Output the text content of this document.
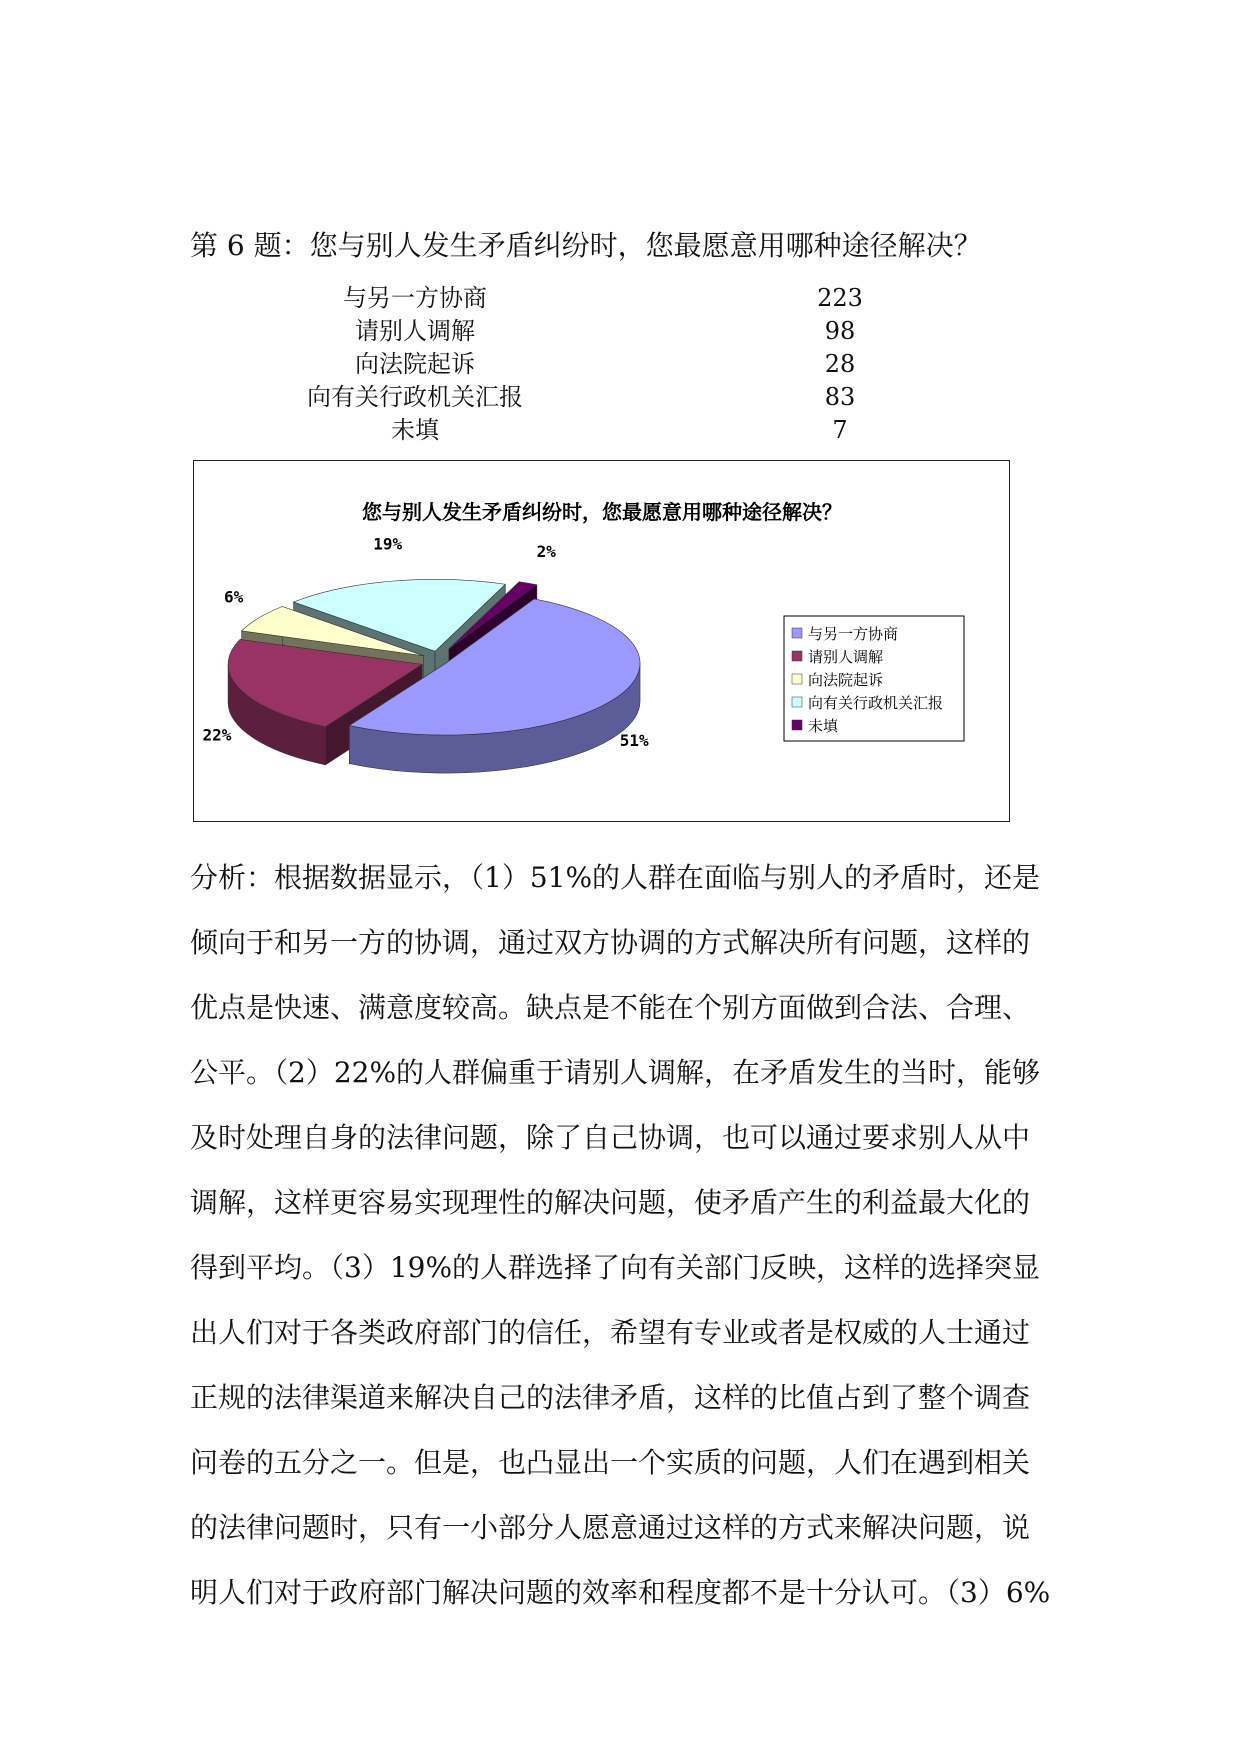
第 6 题：您与别人发生矛盾纠纷时，您最愿意用哪种途径解决？
与另一方协商	223
请别人调解	98
向法院起诉	28
向有关行政机关汇报	83
未填	7
您与别人发生矛盾纠纷时，您最愿意用哪种途径解决？
51%
22%
6%
19%	2%
与另一方协商
请别人调解
向法院起诉
向有关行政机关汇报
未填
分析：根据数据显示，（1）51%的人群在面临与别人的矛盾时，还是
倾向于和另一方的协调，通过双方协调的方式解决所有问题，这样的
优点是快速、满意度较高。缺点是不能在个别方面做到合法、合理、
公平。（2）22%的人群偏重于请别人调解，在矛盾发生的当时，能够
及时处理自身的法律问题，除了自己协调，也可以通过要求别人从中
调解，这样更容易实现理性的解决问题，使矛盾产生的利益最大化的
得到平均。（3）19%的人群选择了向有关部门反映，这样的选择突显
出人们对于各类政府部门的信任，希望有专业或者是权威的人士通过
正规的法律渠道来解决自己的法律矛盾，这样的比值占到了整个调查
问卷的五分之一。但是，也凸显出一个实质的问题，人们在遇到相关
的法律问题时，只有一小部分人愿意通过这样的方式来解决问题，说
明人们对于政府部门解决问题的效率和程度都不是十分认可。（3）6%
